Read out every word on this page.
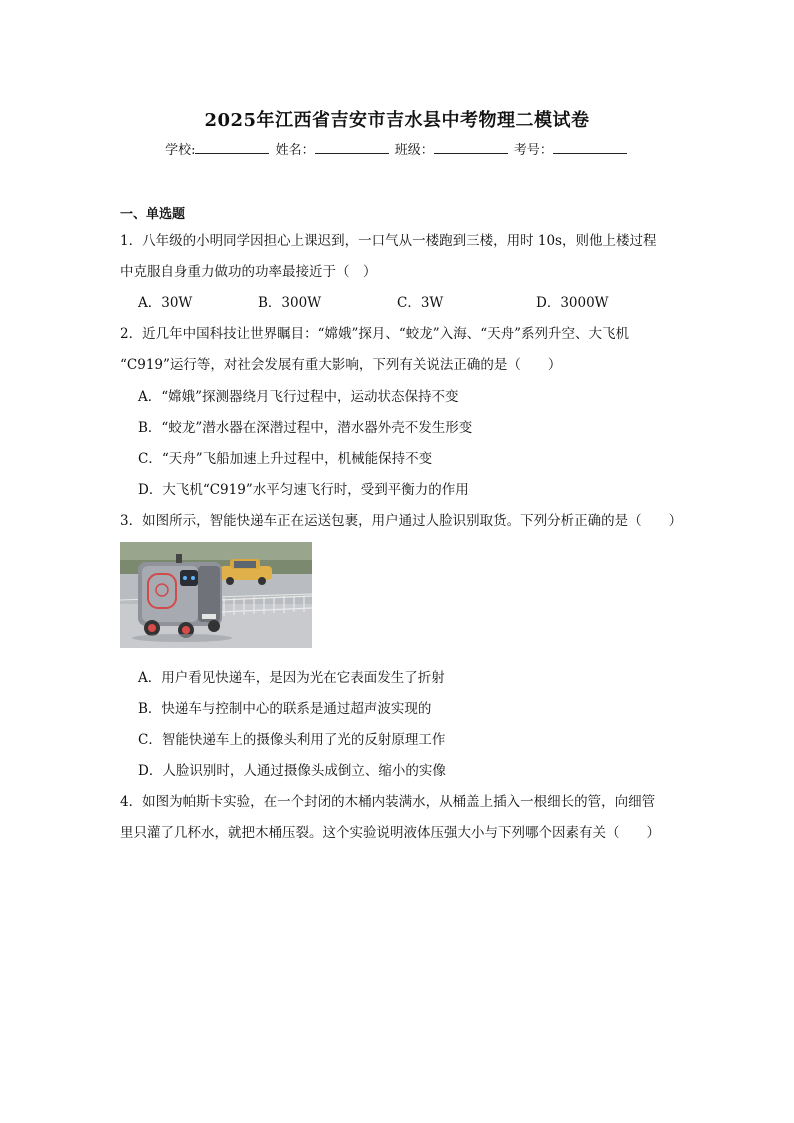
2025年江西省吉安市吉水县中考物理二模试卷
学校:	姓名：	班级：	考号：
一、单选题
1．八年级的小明同学因担心上课迟到，一口气从一楼跑到三楼，用时 10s，则他上楼过程
中克服自身重力做功的功率最接近于（　）
A．30W	B．300W	C．3W	D．3000W
2．近几年中国科技让世界瞩目：“嫦娥”探月、“蛟龙”入海、“天舟”系列升空、大飞机
“C919”运行等，对社会发展有重大影响，下列有关说法正确的是（　　）
A．“嫦娥”探测器绕月飞行过程中，运动状态保持不变
B．“蛟龙”潜水器在深潜过程中，潜水器外壳不发生形变
C．“天舟”飞船加速上升过程中，机械能保持不变
D．大飞机“C919”水平匀速飞行时，受到平衡力的作用
3．如图所示，智能快递车正在运送包裹，用户通过人脸识别取货。下列分析正确的是（　　）
A．用户看见快递车，是因为光在它表面发生了折射
B．快递车与控制中心的联系是通过超声波实现的
C．智能快递车上的摄像头利用了光的反射原理工作
D．人脸识别时，人通过摄像头成倒立、缩小的实像
4．如图为帕斯卡实验，在一个封闭的木桶内装满水，从桶盖上插入一根细长的管，向细管
里只灌了几杯水，就把木桶压裂。这个实验说明液体压强大小与下列哪个因素有关（　　）
